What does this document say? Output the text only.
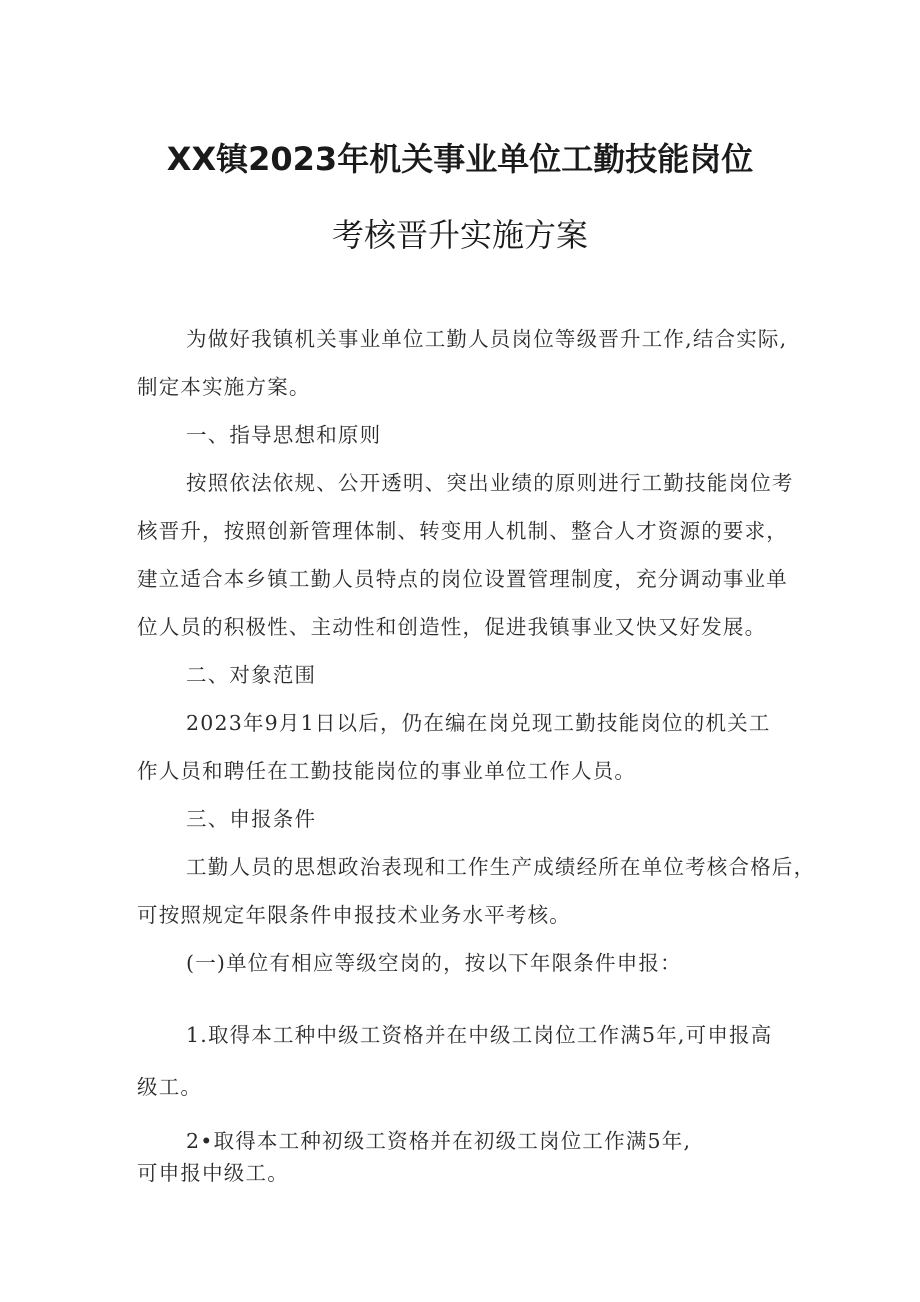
XX镇2023年机关事业单位工勤技能岗位
考核晋升实施方案
为做好我镇机关事业单位工勤人员岗位等级晋升工作,结合实际,
制定本实施方案。
一、指导思想和原则
按照依法依规、公开透明、突出业绩的原则进行工勤技能岗位考
核晋升，按照创新管理体制、转变用人机制、整合人才资源的要求，
建立适合本乡镇工勤人员特点的岗位设置管理制度，充分调动事业单
位人员的积极性、主动性和创造性，促进我镇事业又快又好发展。
二、对象范围
2023年9月1日以后，仍在编在岗兑现工勤技能岗位的机关工
作人员和聘任在工勤技能岗位的事业单位工作人员。
三、申报条件
工勤人员的思想政治表现和工作生产成绩经所在单位考核合格后，
可按照规定年限条件申报技术业务水平考核。
(一)单位有相应等级空岗的，按以下年限条件申报：
1.取得本工种中级工资格并在中级工岗位工作满5年,可申报高
级工。
2•取得本工种初级工资格并在初级工岗位工作满5年,
可申报中级工。
